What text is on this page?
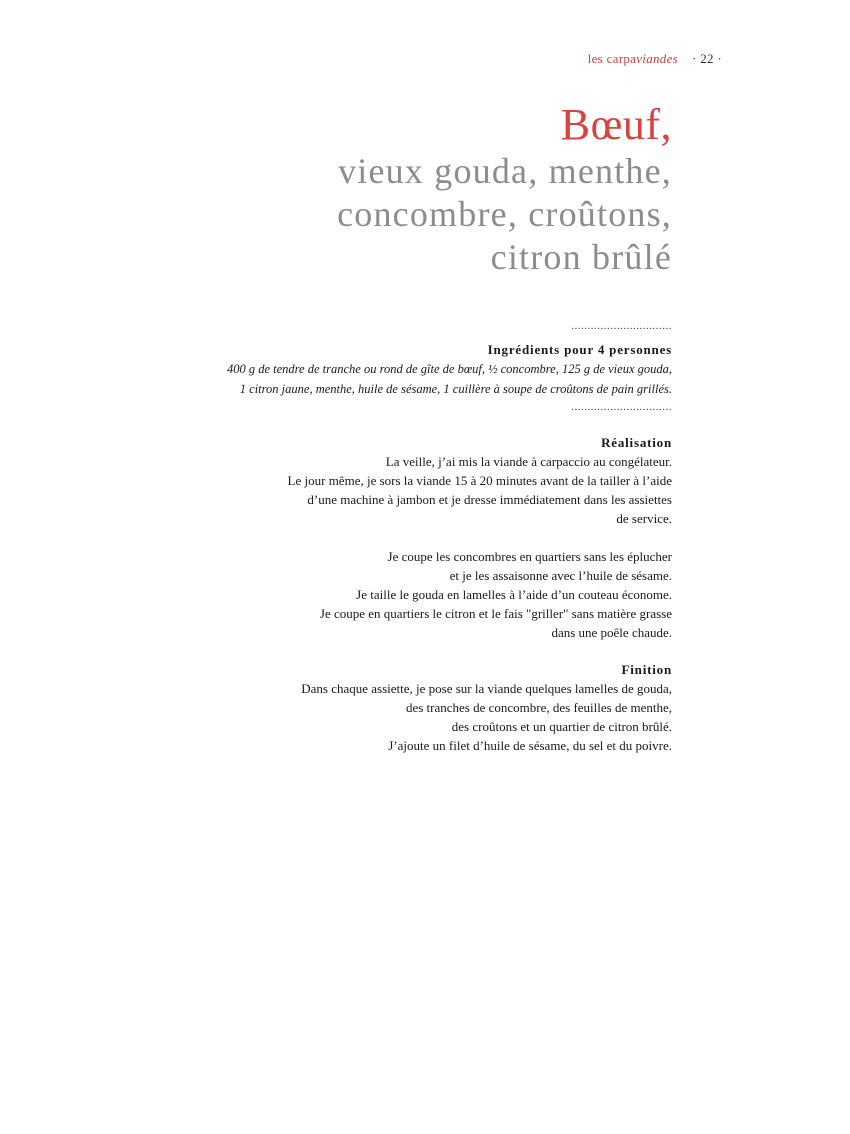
les carpaviandes · 22 ·
Bœuf,
vieux gouda, menthe,
concombre, croûtons,
citron brûlé
...............................
Ingrédients pour 4 personnes
400 g de tendre de tranche ou rond de gîte de bœuf, ½ concombre, 125 g de vieux gouda,
1 citron jaune, menthe, huile de sésame, 1 cuillère à soupe de croûtons de pain grillés.
...............................
Réalisation
La veille, j’ai mis la viande à carpaccio au congélateur.
Le jour même, je sors la viande 15 à 20 minutes avant de la tailler à l’aide
d’une machine à jambon et je dresse immédiatement dans les assiettes
de service.
Je coupe les concombres en quartiers sans les éplucher
et je les assaisonne avec l’huile de sésame.
Je taille le gouda en lamelles à l’aide d’un couteau économe.
Je coupe en quartiers le citron et le fais "griller" sans matière grasse
dans une poêle chaude.
Finition
Dans chaque assiette, je pose sur la viande quelques lamelles de gouda,
des tranches de concombre, des feuilles de menthe,
des croûtons et un quartier de citron brûlé.
J’ajoute un filet d’huile de sésame, du sel et du poivre.
